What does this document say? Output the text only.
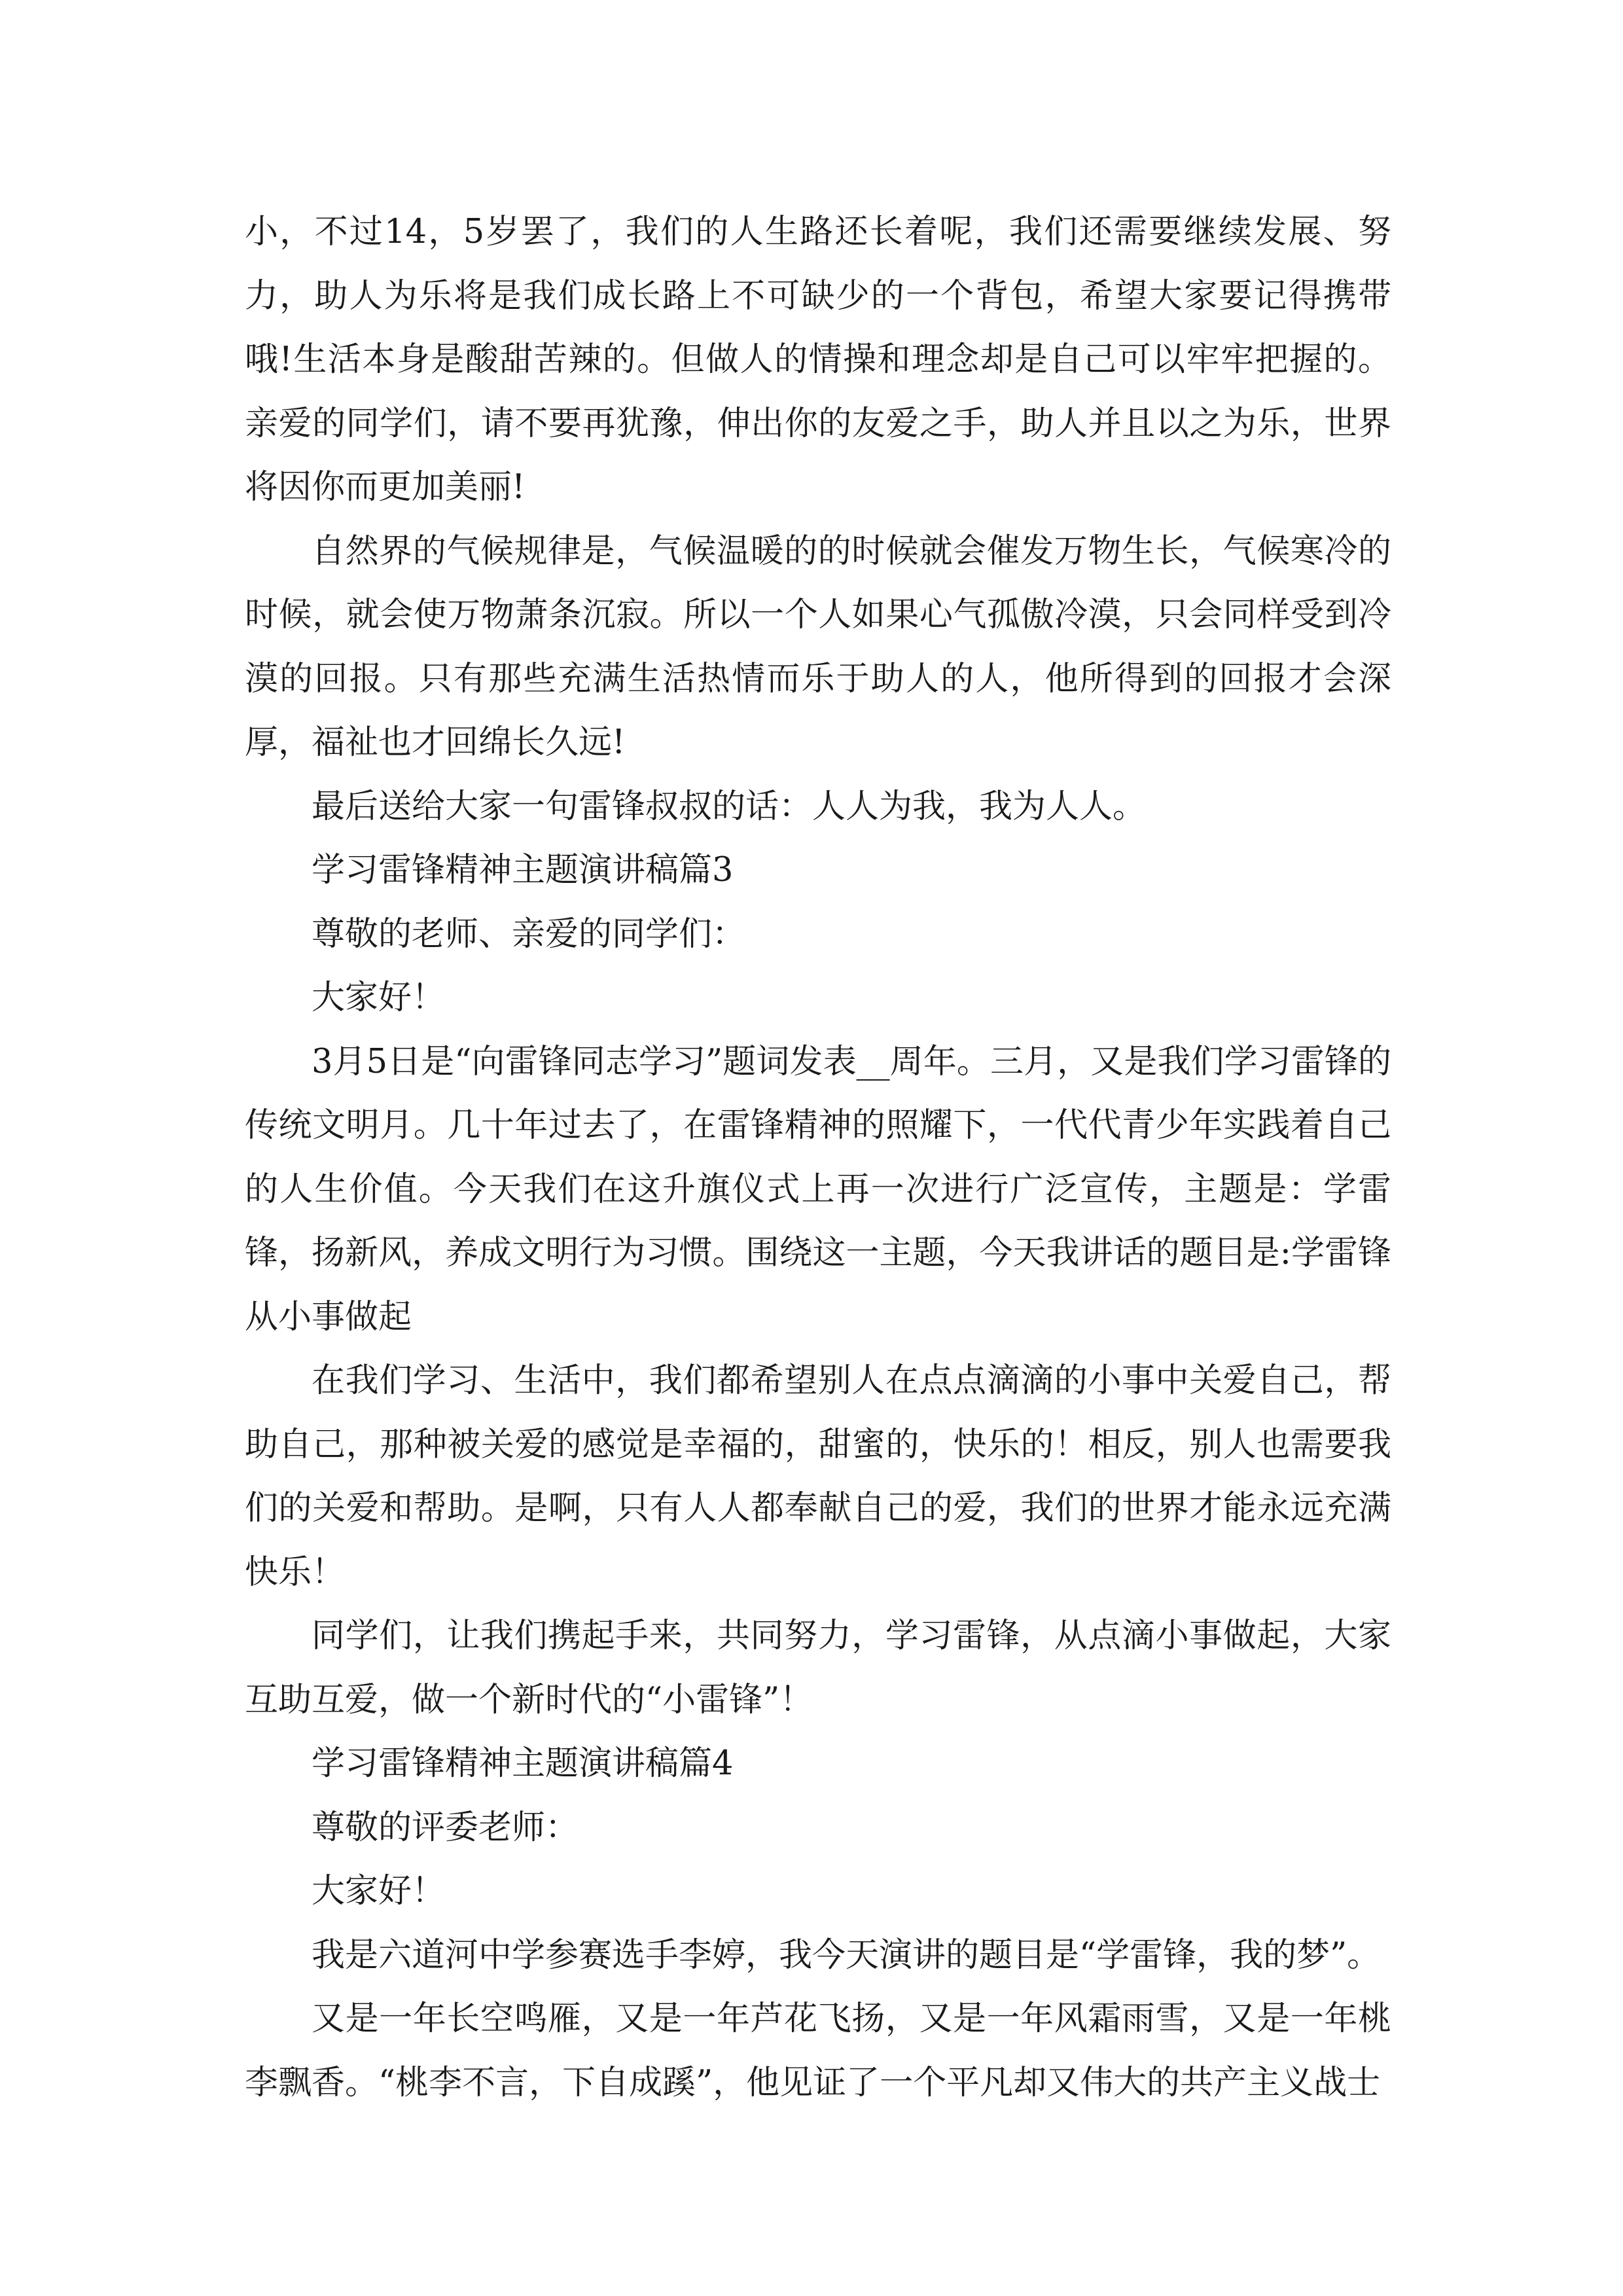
小，不过14，5岁罢了，我们的人生路还长着呢，我们还需要继续发展、努力，助人为乐将是我们成长路上不可缺少的一个背包，希望大家要记得携带哦!生活本身是酸甜苦辣的。但做人的情操和理念却是自己可以牢牢把握的。亲爱的同学们，请不要再犹豫，伸出你的友爱之手，助人并且以之为乐，世界将因你而更加美丽!

自然界的气候规律是，气候温暖的的时候就会催发万物生长，气候寒冷的时候，就会使万物萧条沉寂。所以一个人如果心气孤傲冷漠，只会同样受到冷漠的回报。只有那些充满生活热情而乐于助人的人，他所得到的回报才会深厚，福祉也才回绵长久远!

最后送给大家一句雷锋叔叔的话：人人为我，我为人人。

学习雷锋精神主题演讲稿篇3

尊敬的老师、亲爱的同学们：

大家好！

3月5日是“向雷锋同志学习”题词发表__周年。三月，又是我们学习雷锋的传统文明月。几十年过去了，在雷锋精神的照耀下，一代代青少年实践着自己的人生价值。今天我们在这升旗仪式上再一次进行广泛宣传，主题是：学雷锋，扬新风，养成文明行为习惯。围绕这一主题，今天我讲话的题目是:学雷锋从小事做起

在我们学习、生活中，我们都希望别人在点点滴滴的小事中关爱自己，帮助自己，那种被关爱的感觉是幸福的，甜蜜的，快乐的！相反，别人也需要我们的关爱和帮助。是啊，只有人人都奉献自己的爱，我们的世界才能永远充满快乐！

同学们，让我们携起手来，共同努力，学习雷锋，从点滴小事做起，大家互助互爱，做一个新时代的“小雷锋”！

学习雷锋精神主题演讲稿篇4

尊敬的评委老师：

大家好！

我是六道河中学参赛选手李婷，我今天演讲的题目是“学雷锋，我的梦”。

又是一年长空鸣雁，又是一年芦花飞扬，又是一年风霜雨雪，又是一年桃李飘香。“桃李不言，下自成蹊”，他见证了一个平凡却又伟大的共产主义战士
